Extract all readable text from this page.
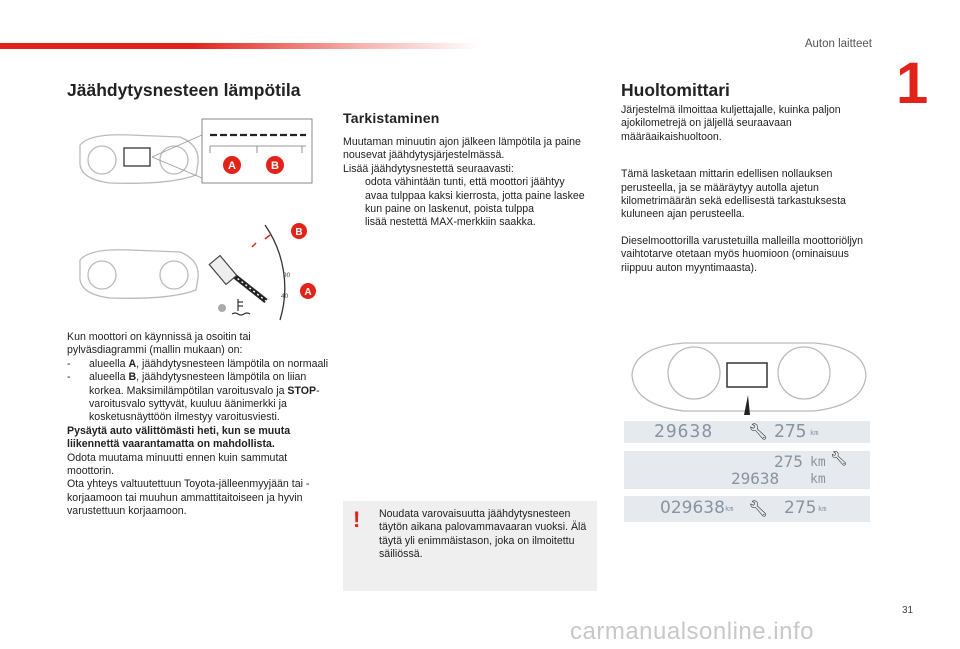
Auton laitteet
1
Jäähdytysnesteen lämpötila
A	B
90
40
B
A

Kun moottori on käynnissä ja osoitin tai pylväsdiagrammi (mallin mukaan) on:

-	alueella A, jäähdytysnesteen lämpötila on normaali
-	alueella B, jäähdytysnesteen lämpötila on liian korkea. Maksimilämpötilan varoitusvalo ja STOP-varoitusvalo syttyvät, kuuluu äänimerkki ja kosketusnäyttöön ilmestyy varoitusviesti.

Pysäytä auto välittömästi heti, kun se muuta liikennettä vaarantamatta on mahdollista.

Odota muutama minuutti ennen kuin sammutat moottorin.

Ota yhteys valtuutettuun Toyota-jälleenmyyjään tai -korjaamoon tai muuhun ammattitaitoiseen ja hyvin varustettuun korjaamoon.

Tarkistaminen

Muutaman minuutin ajon jälkeen lämpötila ja paine nousevat jäähdytysjärjestelmässä.

Lisää jäähdytysnestettä seuraavasti:

odota vähintään tunti, että moottori jäähtyy
avaa tulppaa kaksi kierrosta, jotta paine laskee
kun paine on laskenut, poista tulppa
lisää nestettä MAX-merkkiin saakka.
! Noudata varovaisuutta jäähdytysnesteen täytön aikana palovammavaaran vuoksi. Älä täytä yli enimmäistason, joka on ilmoitettu säiliössä.
Huoltomittari

Järjestelmä ilmoittaa kuljettajalle, kuinka paljon ajokilometrejä on jäljellä seuraavaan määräaikaishuoltoon.

Tämä lasketaan mittarin edellisen nollauksen perusteella, ja se määräytyy autolla ajetun kilometrimäärän sekä edellisestä tarkastuksesta kuluneen ajan perusteella.

Dieselmoottorilla varustetuilla malleilla moottoriöljyn vaihtotarve otetaan myös huomioon (ominaisuus riippuu auton myyntimaasta).

29638 🔧︎ 275 km
275 km 🔧︎
29638 km
029638 km 🔧︎ 275 km
31
carmanualsonline.info
